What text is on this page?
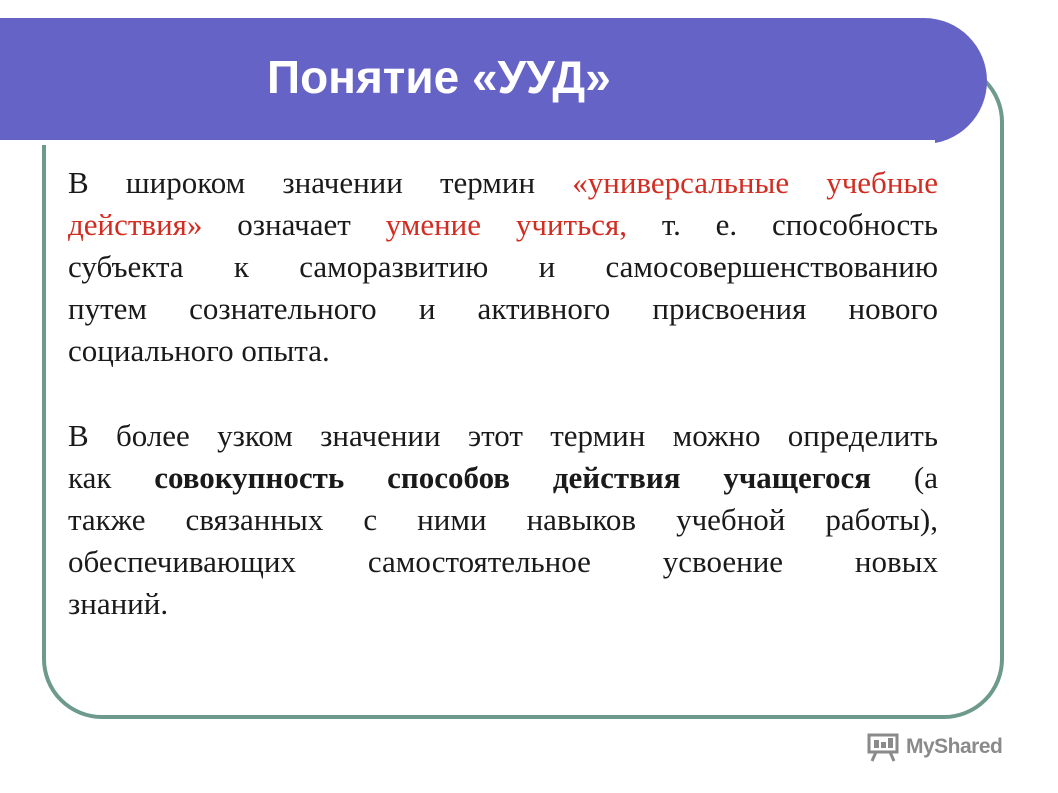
Понятие «УУД»
В широком значении термин «универсальные учебные
действия» означает умение учиться, т. е. способность
субъекта к саморазвитию и самосовершенствованию
путем сознательного и активного присвоения нового
социального опыта.
В более узком значении этот термин можно определить
как совокупность способов действия учащегося (а
также связанных с ними навыков учебной работы),
обеспечивающих самостоятельное усвоение новых
знаний.
MyShared
